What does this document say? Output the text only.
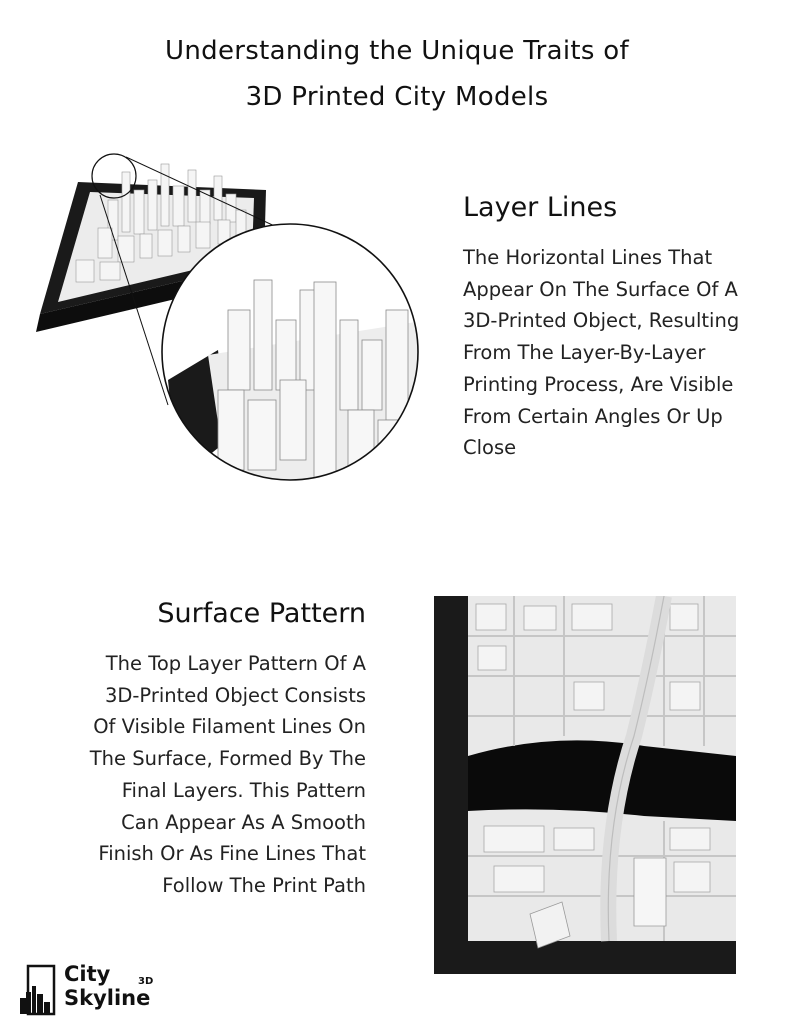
Understanding the Unique Traits of
3D Printed City Models
Layer Lines
The Horizontal Lines That
Appear On The Surface Of A
3D-Printed Object, Resulting
From The Layer-By-Layer
Printing Process, Are Visible
From Certain Angles Or Up
Close
Surface Pattern
The Top Layer Pattern Of A
3D-Printed Object Consists
Of Visible Filament Lines On
The Surface, Formed By The
Final Layers. This Pattern
Can Appear As A Smooth
Finish Or As Fine Lines That
Follow The Print Path
City
Skyline
3D
